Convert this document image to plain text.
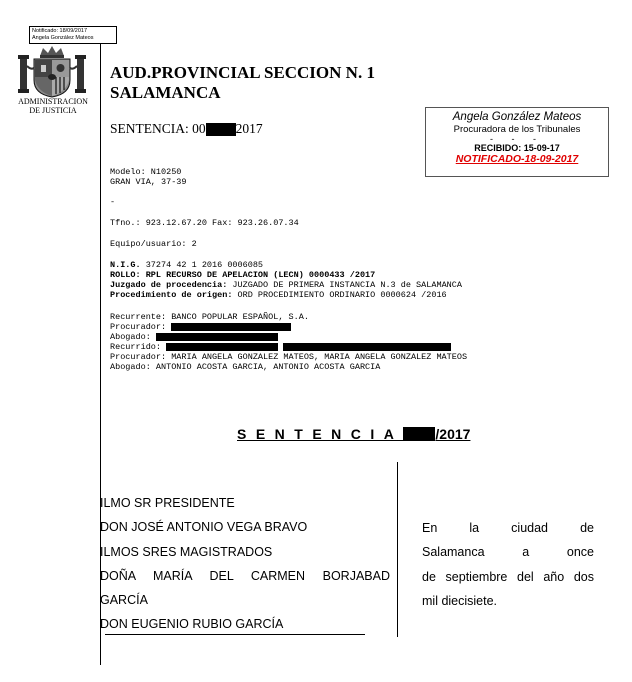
Notificado: 18/09/2017
Angela González Mateos
ADMINISTRACION
DE JUSTICIA
AUD.PROVINCIAL SECCION N. 1
SALAMANCA
SENTENCIA: 00 2017
Angela González Mateos
Procuradora de los Tribunales
- - -
RECIBIDO: 15-09-17
NOTIFICADO-18-09-2017
Modelo: N10250
GRAN VIA, 37-39
-
Tfno.: 923.12.67.20 Fax: 923.26.07.34
Equipo/usuario: 2
N.I.G. 37274 42 1 2016 0006085
ROLLO: RPL RECURSO DE APELACION (LECN) 0000433 /2017
Juzgado de procedencia: JUZGADO DE PRIMERA INSTANCIA N.3 de SALAMANCA
Procedimiento de origen: ORD PROCEDIMIENTO ORDINARIO 0000624 /2016
Recurrente: BANCO POPULAR ESPAÑOL, S.A.
Procurador:
Abogado:
Recurrido:
Procurador: MARIA ANGELA GONZALEZ MATEOS, MARIA ANGELA GONZALEZ MATEOS
Abogado: ANTONIO ACOSTA GARCIA, ANTONIO ACOSTA GARCIA
SENTENCIA /2017
ILMO SR PRESIDENTE
DON JOSÉ ANTONIO VEGA BRAVO
ILMOS SRES MAGISTRADOS
DOÑA MARÍA DEL CARMEN BORJABAD
GARCÍA
DON EUGENIO RUBIO GARCÍA
En la ciudad de
Salamanca a once
de septiembre del año dos
mil diecisiete.
